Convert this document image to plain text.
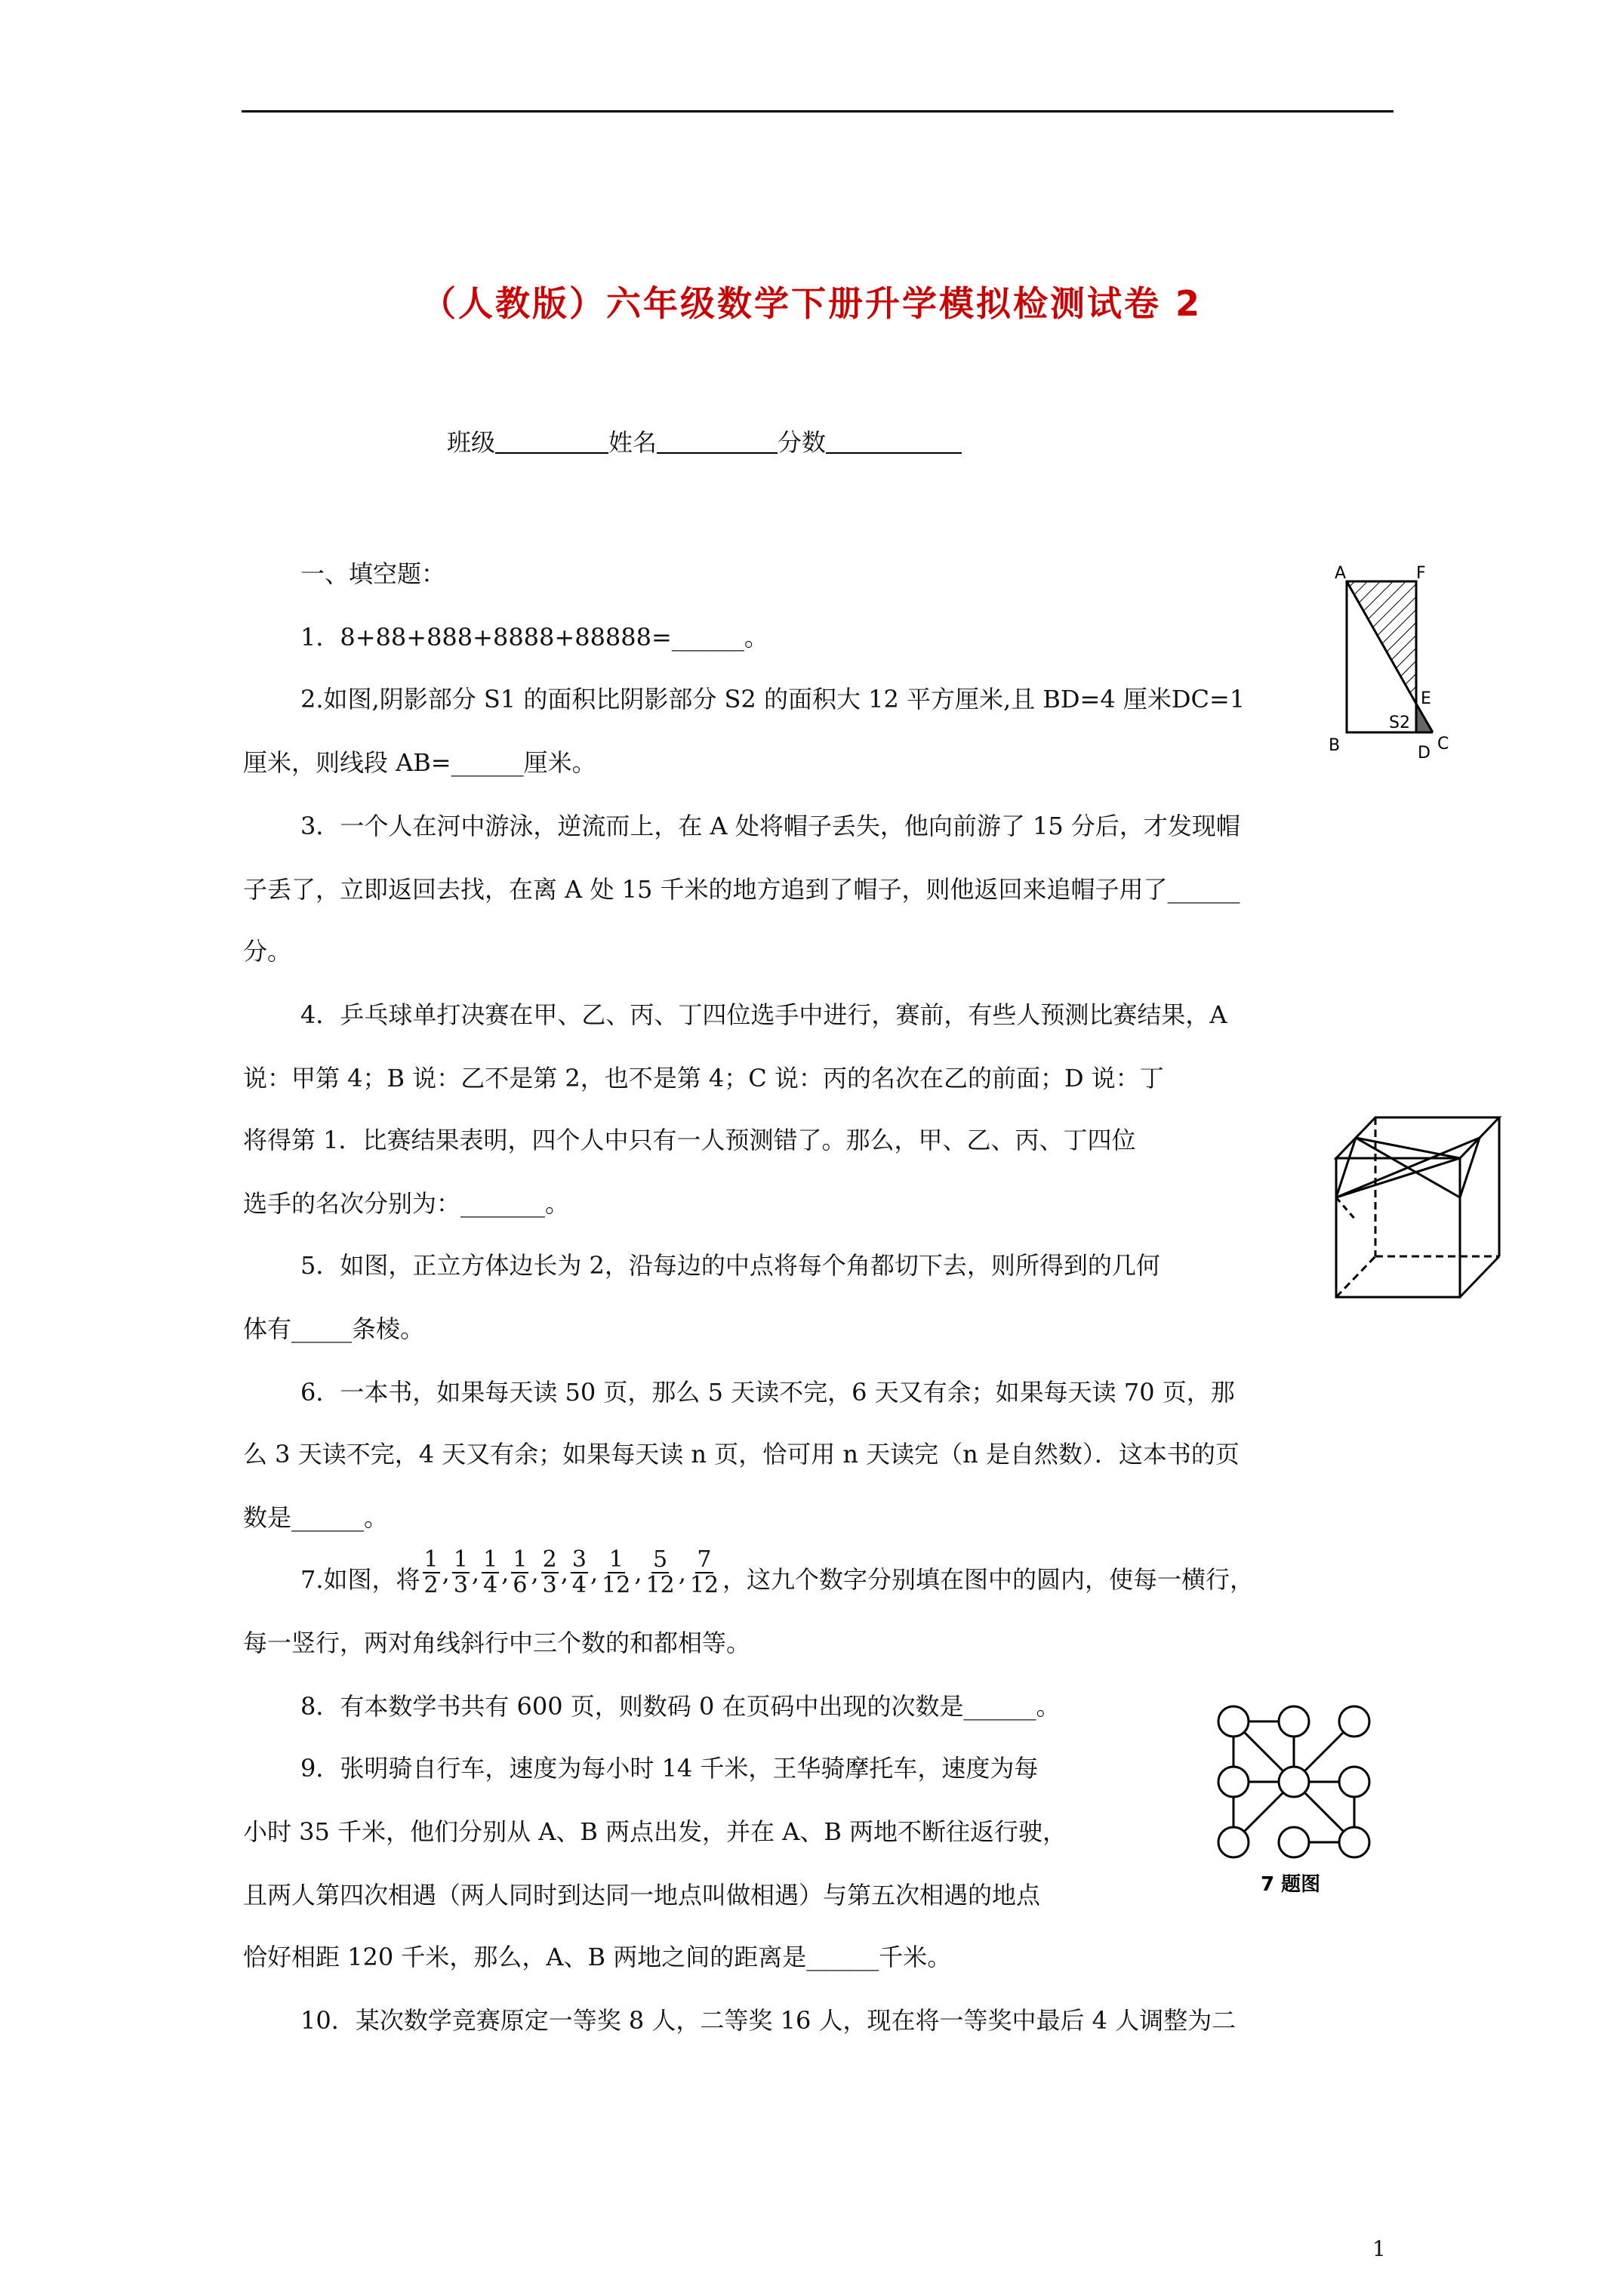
（人教版）六年级数学下册升学模拟检测试卷 2
班级	姓名	分数
一、填空题：
1．8+88+888+8888+88888=______。
2.如图,阴影部分 S1 的面积比阴影部分 S2 的面积大 12 平方厘米,且 BD=4 厘米DC=1
厘米，则线段 AB=______厘米。
A	F
B
E
C
D
S2
3．一个人在河中游泳，逆流而上，在 A 处将帽子丢失，他向前游了 15 分后，才发现帽
子丢了，立即返回去找，在离 A 处 15 千米的地方追到了帽子，则他返回来追帽子用了______
分。
4．乒乓球单打决赛在甲、乙、丙、丁四位选手中进行，赛前，有些人预测比赛结果，A
说：甲第 4；B 说：乙不是第 2，也不是第 4；C 说：丙的名次在乙的前面；D 说：丁
将得第 1．比赛结果表明，四个人中只有一人预测错了。那么，甲、乙、丙、丁四位
选手的名次分别为：_______。
5．如图，正立方体边长为 2，沿每边的中点将每个角都切下去，则所得到的几何
体有_____条棱。
6．一本书，如果每天读 50 页，那么 5 天读不完，6 天又有余；如果每天读 70 页，那
么 3 天读不完，4 天又有余；如果每天读 n 页，恰可用 n 天读完（n 是自然数）．这本书的页
数是______。
7.如图，将 $\frac{1}{2}$ , $\frac{1}{3}$ , $\frac{1}{4}$ , $\frac{1}{6}$ , $\frac{2}{3}$ , $\frac{3}{4}$ , $\frac{1}{12}$ , $\frac{5}{12}$ , $\frac{7}{12}$ ，这九个数字分别填在图中的圆内，使每一横行，
每一竖行，两对角线斜行中三个数的和都相等。
7 题图
8．有本数学书共有 600 页，则数码 0 在页码中出现的次数是______。
9．张明骑自行车，速度为每小时 14 千米，王华骑摩托车，速度为每
小时 35 千米，他们分别从 A、B 两点出发，并在 A、B 两地不断往返行驶，
且两人第四次相遇（两人同时到达同一地点叫做相遇）与第五次相遇的地点
恰好相距 120 千米，那么，A、B 两地之间的距离是______千米。
10．某次数学竞赛原定一等奖 8 人，二等奖 16 人，现在将一等奖中最后 4 人调整为二
1
